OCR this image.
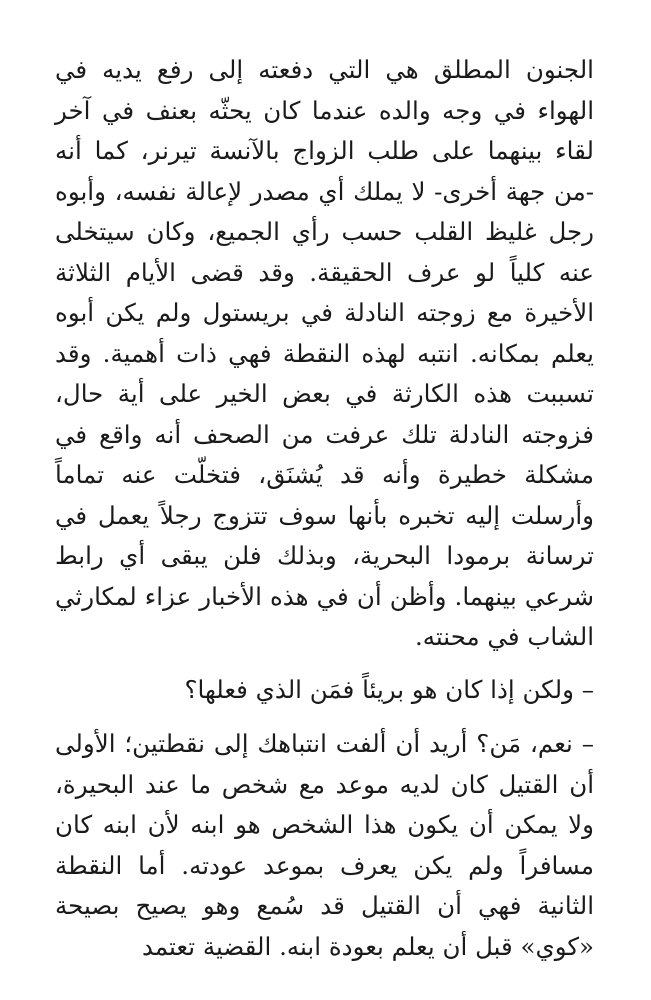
الجنون المطلق هي التي دفعته إلى رفع يديه في الهواء في وجه والده عندما كان يحثّه بعنف في آخر لقاء بينهما على طلب الزواج بالآنسة تيرنر، كما أنه -من جهة أخرى- لا يملك أي مصدر لإعالة نفسه، وأبوه رجل غليظ القلب حسب رأي الجميع، وكان سيتخلى عنه كلياً لو عرف الحقيقة. وقد قضى الأيام الثلاثة الأخيرة مع زوجته النادلة في بريستول ولم يكن أبوه يعلم بمكانه. انتبه لهذه النقطة فهي ذات أهمية. وقد تسببت هذه الكارثة في بعض الخير على أية حال، فزوجته النادلة تلك عرفت من الصحف أنه واقع في مشكلة خطيرة وأنه قد يُشنَق، فتخلّت عنه تماماً وأرسلت إليه تخبره بأنها سوف تتزوج رجلاً يعمل في ترسانة برمودا البحرية، وبذلك فلن يبقى أي رابط شرعي بينهما. وأظن أن في هذه الأخبار عزاء لمكارثي الشاب في محنته.

– ولكن إذا كان هو بريئاً فمَن الذي فعلها؟

– نعم، مَن؟ أريد أن ألفت انتباهك إلى نقطتين؛ الأولى أن القتيل كان لديه موعد مع شخص ما عند البحيرة، ولا يمكن أن يكون هذا الشخص هو ابنه لأن ابنه كان مسافراً ولم يكن يعرف بموعد عودته. أما النقطة الثانية فهي أن القتيل قد سُمع وهو يصيح بصيحة «كوي» قبل أن يعلم بعودة ابنه. القضية تعتمد
